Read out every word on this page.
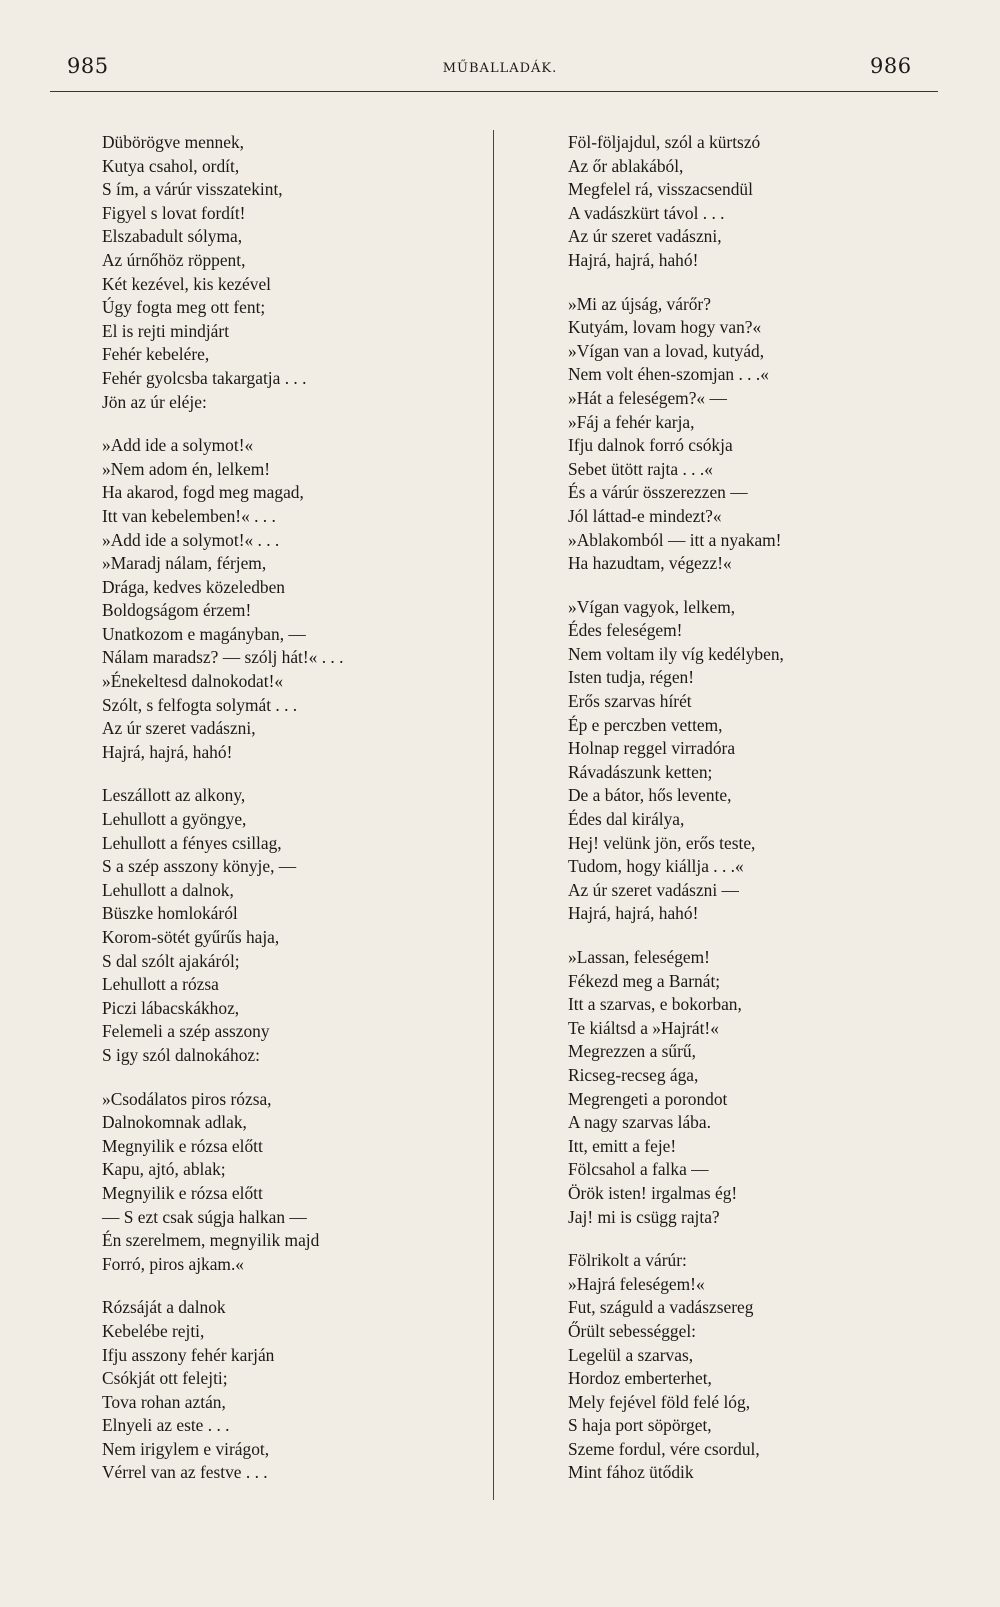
985	MŰBALLADÁK.	986
Dübörögve mennek,
Kutya csahol, ordít,
S ím, a várúr visszatekint,
Figyel s lovat fordít!
Elszabadult sólyma,
Az úrnőhöz röppent,
Két kezével, kis kezével
Úgy fogta meg ott fent;
El is rejti mindjárt
Fehér kebelére,
Fehér gyolcsba takargatja . . .
Jön az úr eléje:
»Add ide a solymot!«
»Nem adom én, lelkem!
Ha akarod, fogd meg magad,
Itt van kebelemben!« . . .
»Add ide a solymot!« . . .
»Maradj nálam, férjem,
Drága, kedves közeledben
Boldogságom érzem!
Unatkozom e magányban, —
Nálam maradsz? — szólj hát!« . . .
»Énekeltesd dalnokodat!«
Szólt, s felfogta solymát . . .
Az úr szeret vadászni,
Hajrá, hajrá, hahó!
Leszállott az alkony,
Lehullott a gyöngye,
Lehullott a fényes csillag,
S a szép asszony könyje, —
Lehullott a dalnok,
Büszke homlokáról
Korom-sötét gyűrűs haja,
S dal szólt ajakáról;
Lehullott a rózsa
Piczi lábacskákhoz,
Felemeli a szép asszony
S igy szól dalnokához:
»Csodálatos piros rózsa,
Dalnokomnak adlak,
Megnyilik e rózsa előtt
Kapu, ajtó, ablak;
Megnyilik e rózsa előtt
— S ezt csak súgja halkan —
Én szerelmem, megnyilik majd
Forró, piros ajkam.«
Rózsáját a dalnok
Kebelébe rejti,
Ifju asszony fehér karján
Csókját ott felejti;
Tova rohan aztán,
Elnyeli az este . . .
Nem irigylem e virágot,
Vérrel van az festve . . .
Föl-följajdul, szól a kürtszó
Az őr ablakából,
Megfelel rá, visszacsendül
A vadászkürt távol . . .
Az úr szeret vadászni,
Hajrá, hajrá, hahó!
»Mi az újság, várőr?
Kutyám, lovam hogy van?«
»Vígan van a lovad, kutyád,
Nem volt éhen-szomjan . . .«
»Hát a feleségem?« —
»Fáj a fehér karja,
Ifju dalnok forró csókja
Sebet ütött rajta . . .«
És a várúr összerezzen —
Jól láttad-e mindezt?«
»Ablakomból — itt a nyakam!
Ha hazudtam, végezz!«
»Vígan vagyok, lelkem,
Édes feleségem!
Nem voltam ily víg kedélyben,
Isten tudja, régen!
Erős szarvas hírét
Ép e perczben vettem,
Holnap reggel virradóra
Rávadászunk ketten;
De a bátor, hős levente,
Édes dal királya,
Hej! velünk jön, erős teste,
Tudom, hogy kiállja . . .«
Az úr szeret vadászni —
Hajrá, hajrá, hahó!
»Lassan, feleségem!
Fékezd meg a Barnát;
Itt a szarvas, e bokorban,
Te kiáltsd a »Hajrát!«
Megrezzen a sűrű,
Ricseg-recseg ága,
Megrengeti a porondot
A nagy szarvas lába.
Itt, emitt a feje!
Fölcsahol a falka —
Örök isten! irgalmas ég!
Jaj! mi is csügg rajta?
Fölrikolt a várúr:
»Hajrá feleségem!«
Fut, száguld a vadászsereg
Őrült sebességgel:
Legelül a szarvas,
Hordoz emberterhet,
Mely fejével föld felé lóg,
S haja port söpörget,
Szeme fordul, vére csordul,
Mint fához ütődik
